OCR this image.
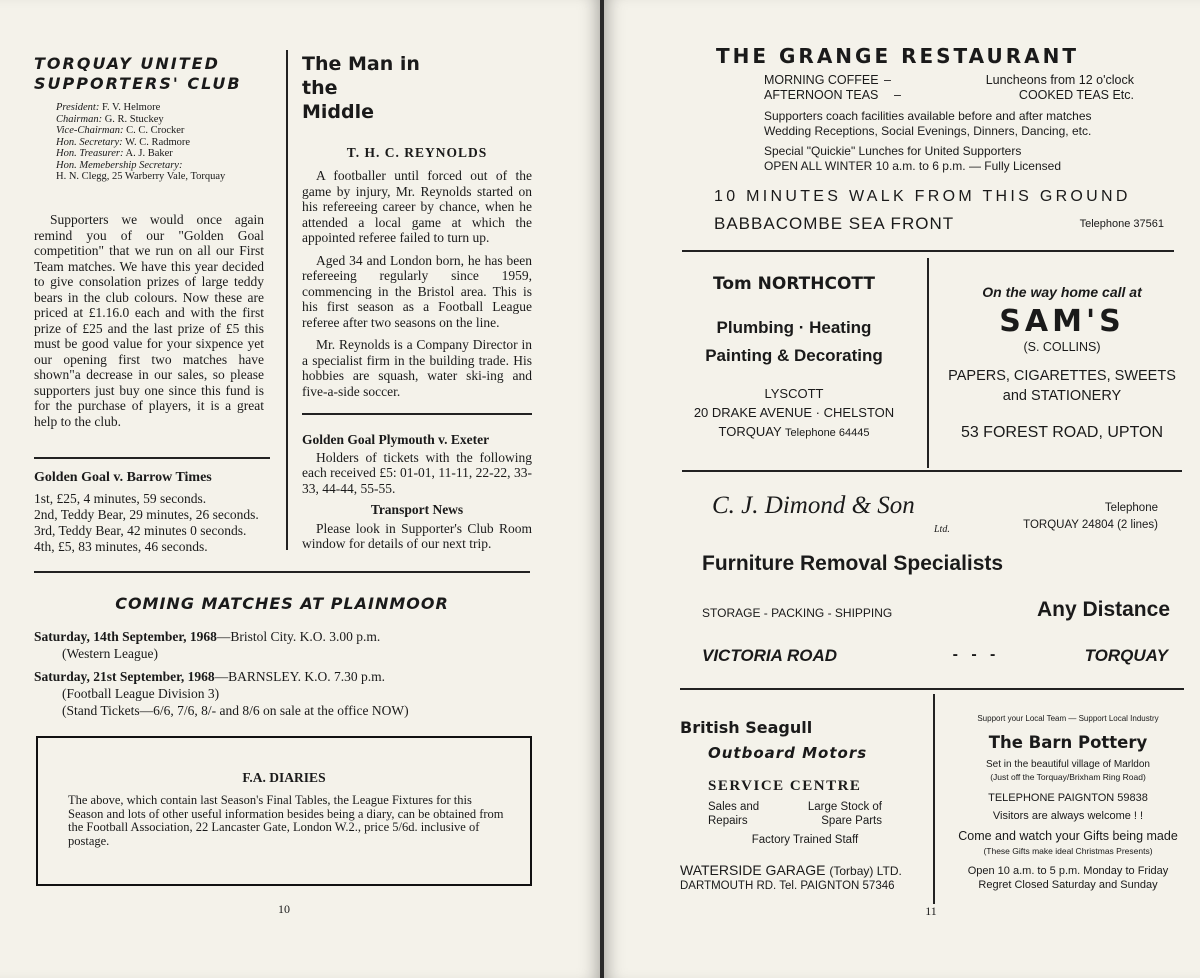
TORQUAY UNITED
SUPPORTERS' CLUB
President: F. V. Helmore
Chairman: G. R. Stuckey
Vice-Chairman: C. C. Crocker
Hon. Secretary: W. C. Radmore
Hon. Treasurer: A. J. Baker
Hon. Memebership Secretary:
H. N. Clegg, 25 Warberry Vale, Torquay

Supporters we would once again remind you of our "Golden Goal competition" that we run on all our First Team matches. We have this year decided to give consolation prizes of large teddy bears in the club colours. Now these are priced at £1.16.0 each and with the first prize of £25 and the last prize of £5 this must be good value for your sixpence yet our opening first two matches have shown"a decrease in our sales, so please supporters just buy one since this fund is for the purchase of players, it is a great help to the club.

Golden Goal v. Barrow Times
1st, £25, 4 minutes, 59 seconds.
2nd, Teddy Bear, 29 minutes, 26 seconds.
3rd, Teddy Bear, 42 minutes 0 seconds.
4th, £5, 83 minutes, 46 seconds.
The Man in
the
Middle
T. H. C. REYNOLDS

A footballer until forced out of the game by injury, Mr. Reynolds started on his refereeing career by chance, when he attended a local game at which the appointed referee failed to turn up.

Aged 34 and London born, he has been refereeing regularly since 1959, commencing in the Bristol area. This is his first season as a Football League referee after two seasons on the line.

Mr. Reynolds is a Company Director in a specialist firm in the building trade. His hobbies are squash, water ski-ing and five-a-side soccer.

Golden Goal Plymouth v. Exeter

Holders of tickets with the following each received £5: 01-01, 11-11, 22-22, 33-33, 44-44, 55-55.

Transport News

Please look in Supporter's Club Room window for details of our next trip.

COMING MATCHES AT PLAINMOOR
Saturday, 14th September, 1968—Bristol City. K.O. 3.00 p.m.
(Western League)
Saturday, 21st September, 1968—BARNSLEY. K.O. 7.30 p.m.
(Football League Division 3)
(Stand Tickets—6/6, 7/6, 8/- and 8/6 on sale at the office NOW)
F.A. DIARIES

The above, which contain last Season's Final Tables, the League Fixtures for this Season and lots of other useful information besides being a diary, can be obtained from the Football Association, 22 Lancaster Gate, London W.2., price 5/6d. inclusive of postage.

10
THE GRANGE RESTAURANT
MORNING COFFEE –	Luncheons from 12 o'clock
AFTERNOON TEAS	–	COOKED TEAS Etc.
Supporters coach facilities available before and after matches
Wedding Receptions, Social Evenings, Dinners, Dancing, etc.
Special "Quickie" Lunches for United Supporters
OPEN ALL WINTER 10 a.m. to 6 p.m. — Fully Licensed
10 MINUTES WALK FROM THIS GROUND
BABBACOMBE SEA FRONT	Telephone 37561
Tom NORTHCOTT
Plumbing · Heating
Painting & Decorating
LYSCOTT
20 DRAKE AVENUE · CHELSTON
TORQUAY Telephone 64445
On the way home call at
SAM'S
(S. COLLINS)
PAPERS, CIGARETTES, SWEETS
and STATIONERY
53 FOREST ROAD, UPTON
C. J. Dimond & Son
Ltd.
Telephone
TORQUAY 24804 (2 lines)
Furniture Removal Specialists
STORAGE - PACKING - SHIPPING	Any Distance
VICTORIA ROAD	-   -   -	TORQUAY
British Seagull
Outboard Motors
SERVICE CENTRE
Sales and
Repairs
Large Stock of
Spare Parts
Factory Trained Staff
WATERSIDE GARAGE (Torbay) LTD.
DARTMOUTH RD. Tel. PAIGNTON 57346
Support your Local Team — Support Local Industry
The Barn Pottery
Set in the beautiful village of Marldon
(Just off the Torquay/Brixham Ring Road)
TELEPHONE PAIGNTON 59838
Visitors are always welcome ! !
Come and watch your Gifts being made
(These Gifts make ideal Christmas Presents)
Open 10 a.m. to 5 p.m. Monday to Friday
Regret Closed Saturday and Sunday
11
